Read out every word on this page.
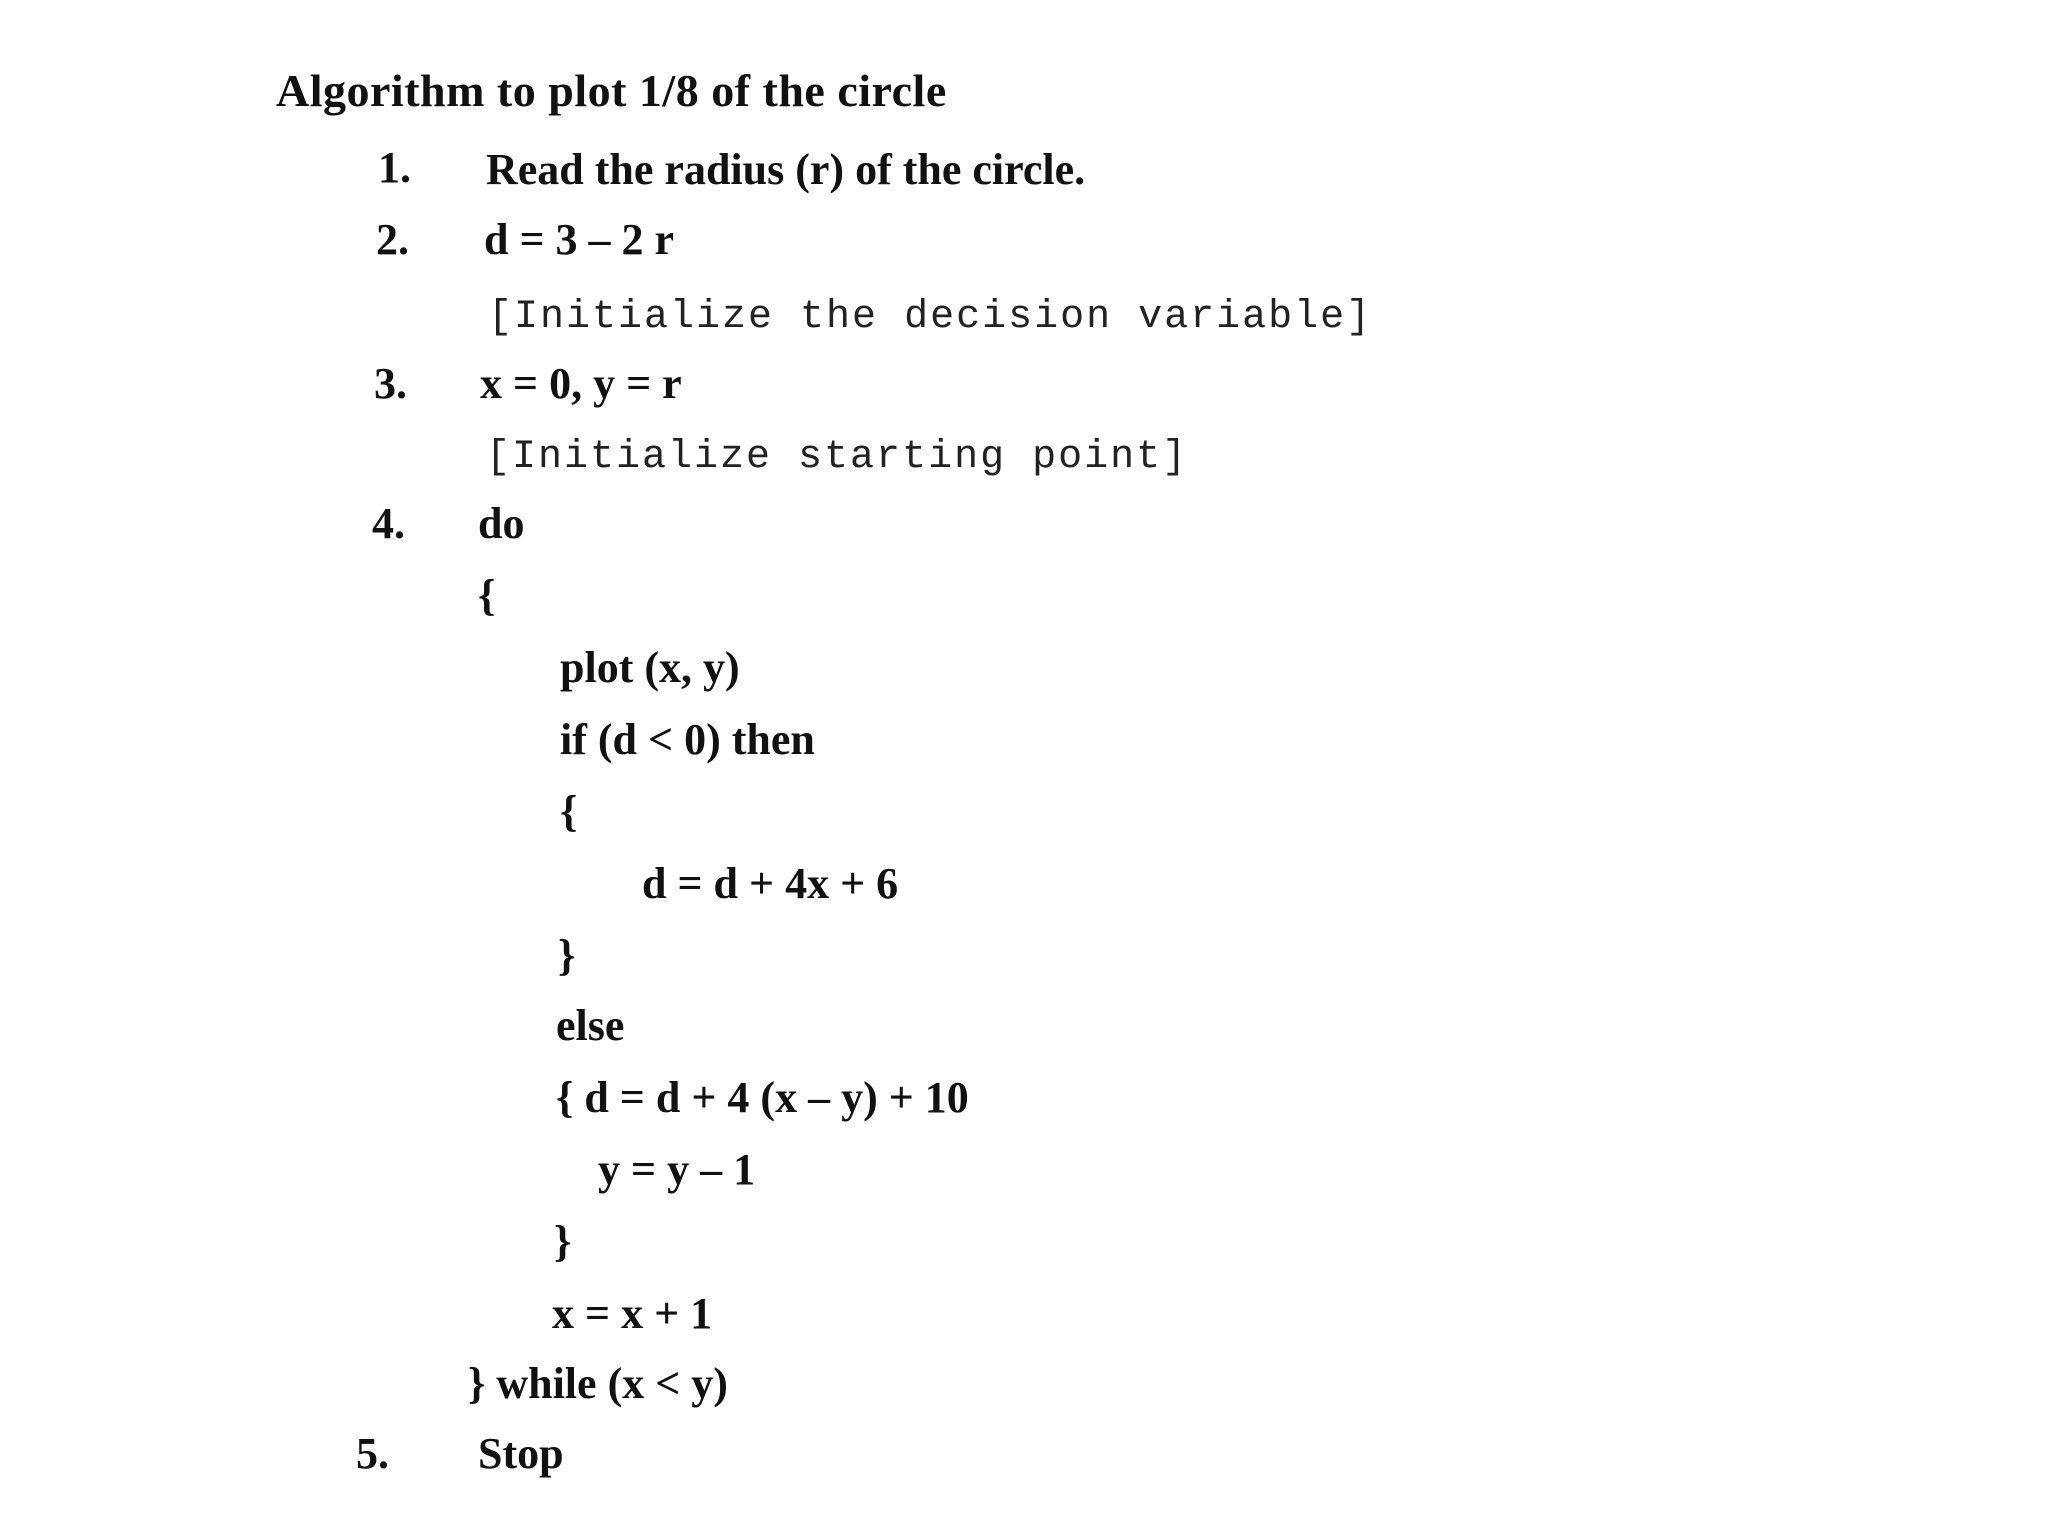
Algorithm to plot 1/8 of the circle
1. Read the radius (r) of the circle.
2. d = 3 – 2 r
[Initialize the decision variable]
3. x = 0, y = r
[Initialize starting point]
4. do
{
plot (x, y)
if (d < 0) then
{
d = d + 4x + 6
}
else
{ d = d + 4 (x – y) + 10
y = y – 1
}
x = x + 1
} while (x < y)
5. Stop
